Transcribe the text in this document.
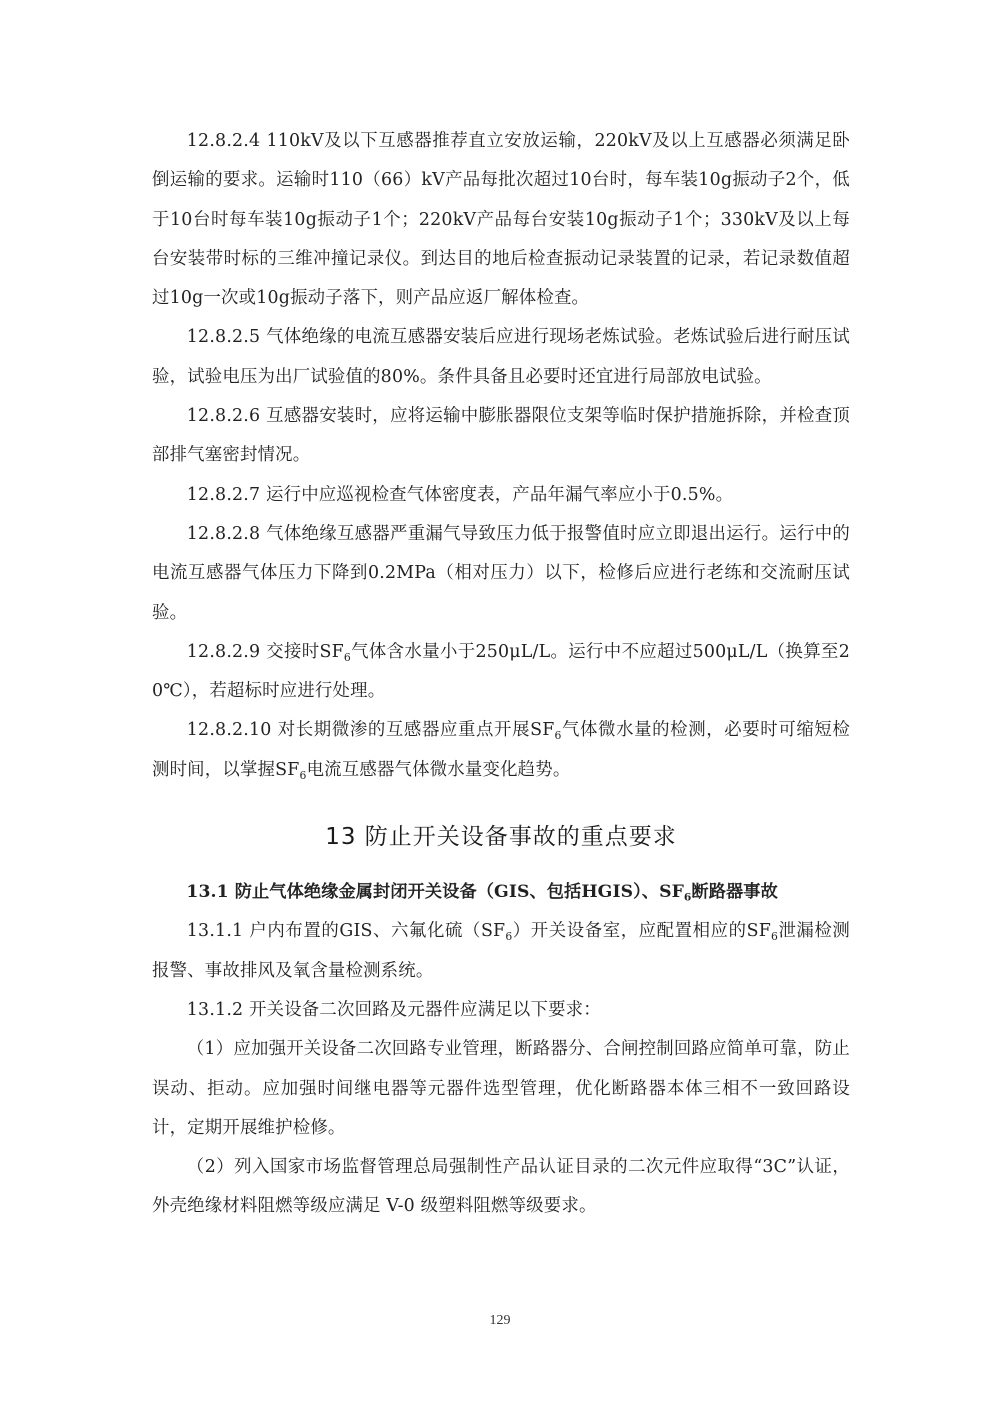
12.8.2.4 110kV及以下互感器推荐直立安放运输，220kV及以上互感器必须满足卧倒运输的要求。运输时110（66）kV产品每批次超过10台时，每车装10g振动子2个，低于10台时每车装10g振动子1个；220kV产品每台安装10g振动子1个；330kV及以上每台安装带时标的三维冲撞记录仪。到达目的地后检查振动记录装置的记录，若记录数值超过10g一次或10g振动子落下，则产品应返厂解体检查。

12.8.2.5 气体绝缘的电流互感器安装后应进行现场老炼试验。老炼试验后进行耐压试验，试验电压为出厂试验值的80%。条件具备且必要时还宜进行局部放电试验。

12.8.2.6 互感器安装时，应将运输中膨胀器限位支架等临时保护措施拆除，并检查顶部排气塞密封情况。

12.8.2.7 运行中应巡视检查气体密度表，产品年漏气率应小于0.5%。

12.8.2.8 气体绝缘互感器严重漏气导致压力低于报警值时应立即退出运行。运行中的电流互感器气体压力下降到0.2MPa（相对压力）以下，检修后应进行老练和交流耐压试验。

12.8.2.9 交接时$SF_6$气体含水量小于250μL/L。运行中不应超过500μL/L（换算至20℃），若超标时应进行处理。

12.8.2.10 对长期微渗的互感器应重点开展$SF_6$气体微水量的检测，必要时可缩短检测时间，以掌握$SF_6$电流互感器气体微水量变化趋势。

13 防止开关设备事故的重点要求

13.1 防止气体绝缘金属封闭开关设备（GIS、包括HGIS）、$SF_6$断路器事故

13.1.1 户内布置的GIS、六氟化硫$(SF_6)$开关设备室，应配置相应的$SF_6$泄漏检测报警、事故排风及氧含量检测系统。

13.1.2 开关设备二次回路及元器件应满足以下要求：

（1）应加强开关设备二次回路专业管理，断路器分、合闸控制回路应简单可靠，防止误动、拒动。应加强时间继电器等元器件选型管理，优化断路器本体三相不一致回路设计，定期开展维护检修。

（2）列入国家市场监督管理总局强制性产品认证目录的二次元件应取得“3C”认证，外壳绝缘材料阻燃等级应满足 V-0 级塑料阻燃等级要求。

129
